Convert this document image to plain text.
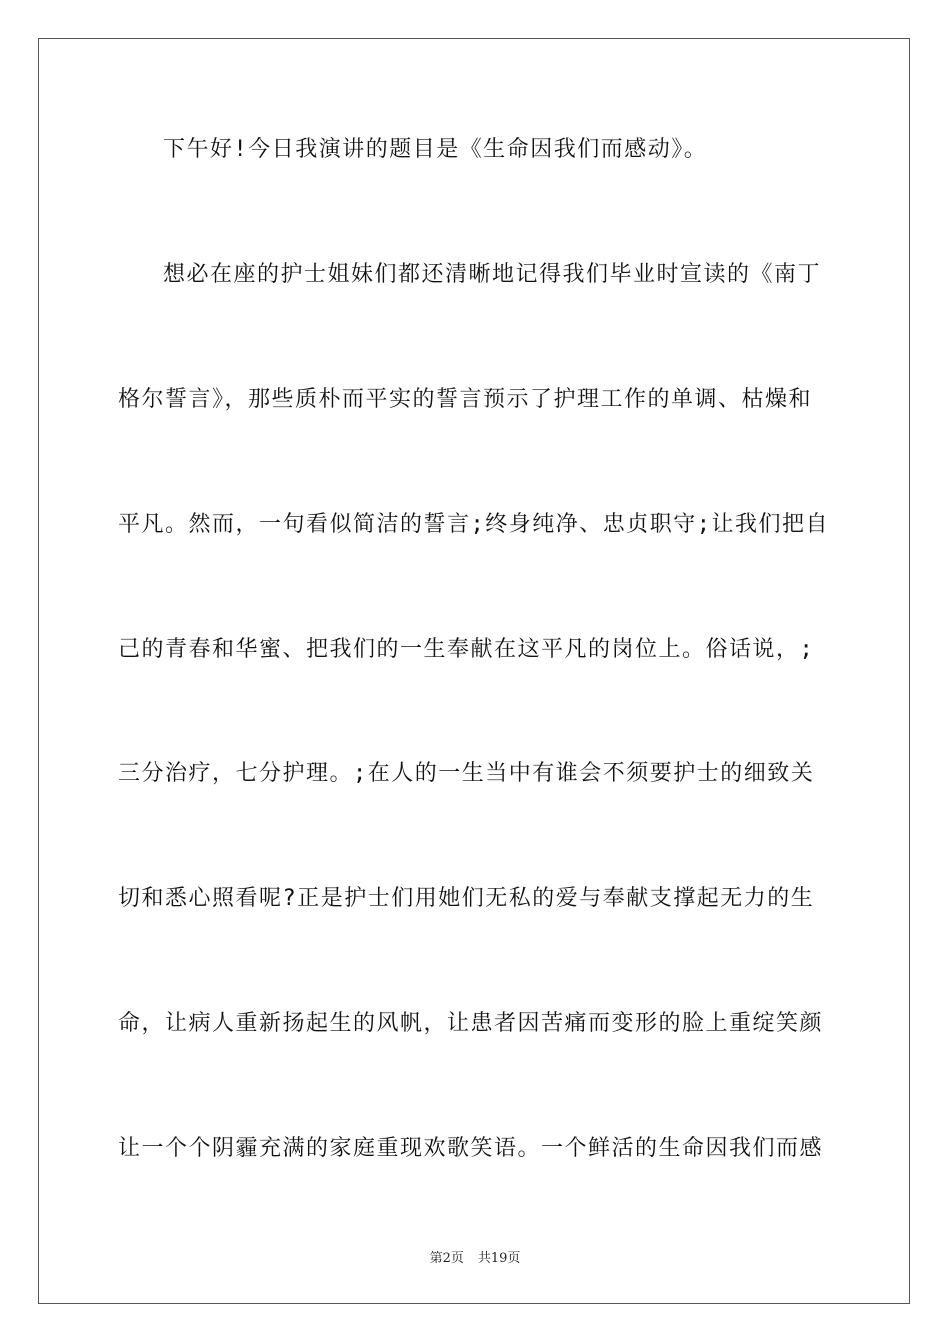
下午好!今日我演讲的题目是《生命因我们而感动》。
想必在座的护士姐妹们都还清晰地记得我们毕业时宣读的《南丁
格尔誓言》，那些质朴而平实的誓言预示了护理工作的单调、枯燥和
平凡。然而，一句看似简洁的誓言;终身纯净、忠贞职守;让我们把自
己的青春和华蜜、把我们的一生奉献在这平凡的岗位上。俗话说，;
三分治疗，七分护理。;在人的一生当中有谁会不须要护士的细致关
切和悉心照看呢?正是护士们用她们无私的爱与奉献支撑起无力的生
命，让病人重新扬起生的风帆，让患者因苦痛而变形的脸上重绽笑颜
让一个个阴霾充满的家庭重现欢歌笑语。一个鲜活的生命因我们而感
第2页 共19页
